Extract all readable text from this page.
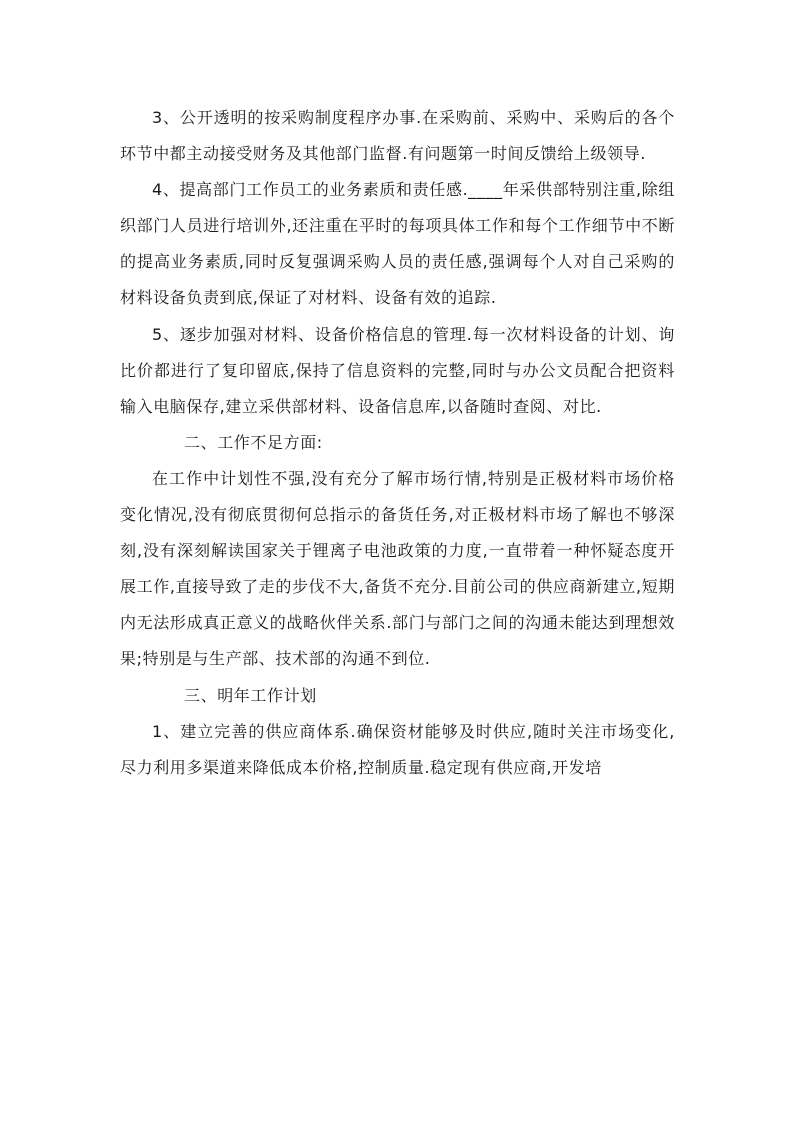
3、公开透明的按采购制度程序办事.在采购前、采购中、采购后的各个环节中都主动接受财务及其他部门监督.有问题第一时间反馈给上级领导.

4、提高部门工作员工的业务素质和责任感.____年采供部特别注重,除组织部门人员进行培训外,还注重在平时的每项具体工作和每个工作细节中不断的提高业务素质,同时反复强调采购人员的责任感,强调每个人对自己采购的材料设备负责到底,保证了对材料、设备有效的追踪.

5、逐步加强对材料、设备价格信息的管理.每一次材料设备的计划、询比价都进行了复印留底,保持了信息资料的完整,同时与办公文员配合把资料输入电脑保存,建立采供部材料、设备信息库,以备随时查阅、对比.

二、工作不足方面:

在工作中计划性不强,没有充分了解市场行情,特别是正极材料市场价格变化情况,没有彻底贯彻何总指示的备货任务,对正极材料市场了解也不够深刻,没有深刻解读国家关于锂离子电池政策的力度,一直带着一种怀疑态度开展工作,直接导致了走的步伐不大,备货不充分.目前公司的供应商新建立,短期内无法形成真正意义的战略伙伴关系.部门与部门之间的沟通未能达到理想效果;特别是与生产部、技术部的沟通不到位.

三、明年工作计划

1、建立完善的供应商体系.确保资材能够及时供应,随时关注市场变化,尽力利用多渠道来降低成本价格,控制质量.稳定现有供应商,开发培
